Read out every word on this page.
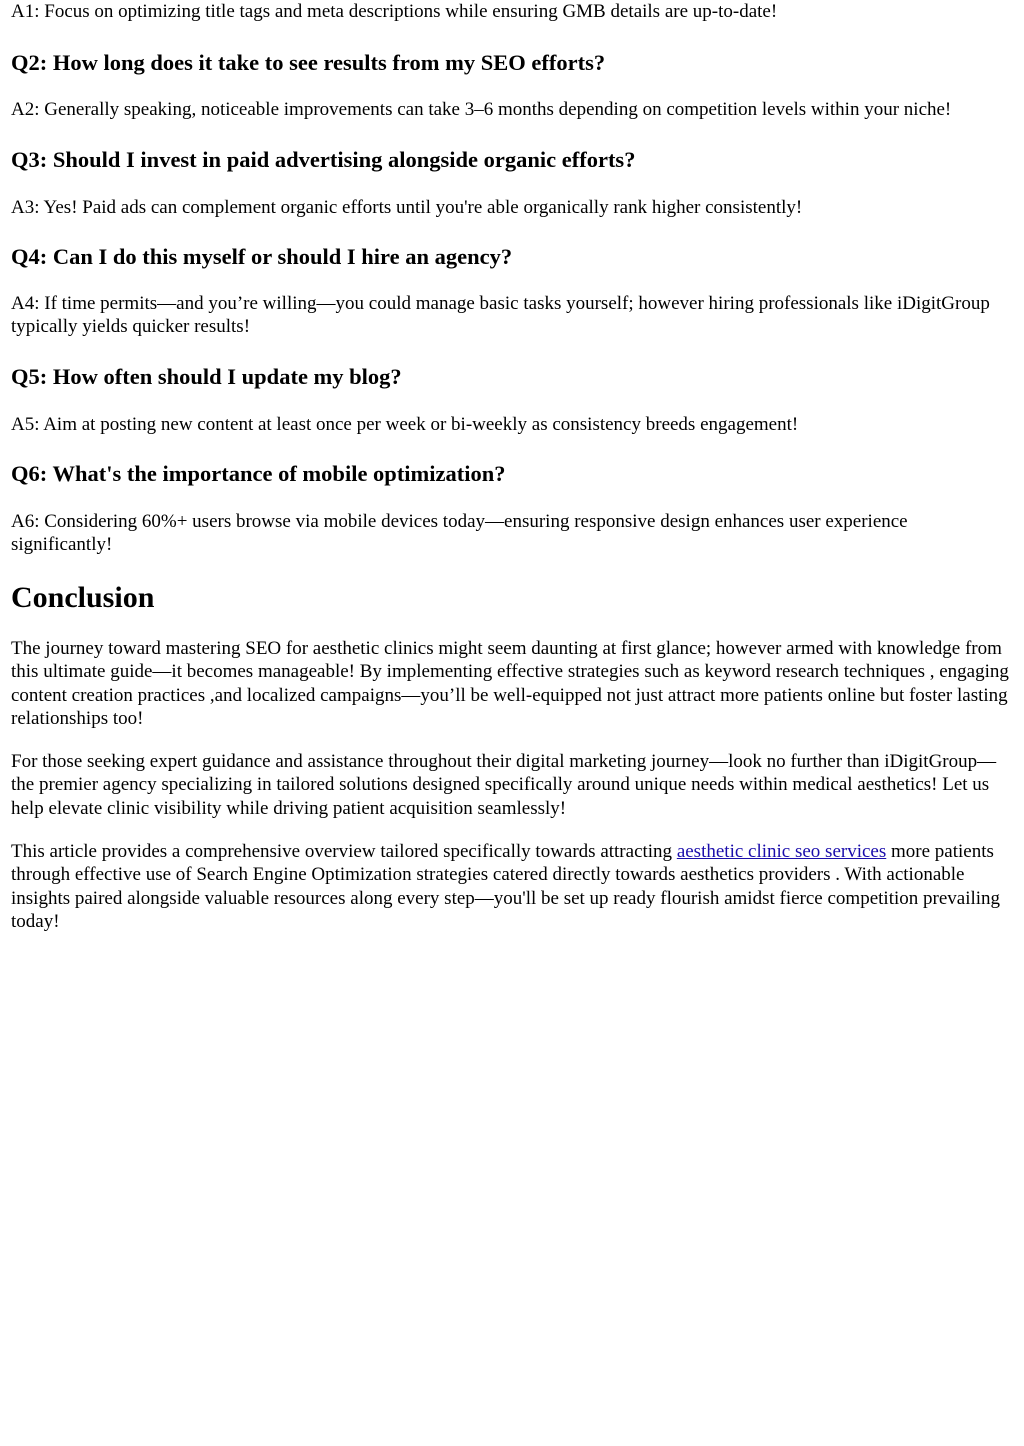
A1: Focus on optimizing title tags and meta descriptions while ensuring GMB details are up-to-date!

Q2: How long does it take to see results from my SEO efforts?

A2: Generally speaking, noticeable improvements can take 3–6 months depending on competition levels within your niche!

Q3: Should I invest in paid advertising alongside organic efforts?

A3: Yes! Paid ads can complement organic efforts until you're able organically rank higher consistently!

Q4: Can I do this myself or should I hire an agency?

A4: If time permits—and you’re willing—you could manage basic tasks yourself; however hiring professionals like iDigitGroup typically yields quicker results!

Q5: How often should I update my blog?

A5: Aim at posting new content at least once per week or bi-weekly as consistency breeds engagement!

Q6: What's the importance of mobile optimization?

A6: Considering 60%+ users browse via mobile devices today—ensuring responsive design enhances user experience significantly!

Conclusion

The journey toward mastering SEO for aesthetic clinics might seem daunting at first glance; however armed with knowledge from this ultimate guide—it becomes manageable! By implementing effective strategies such as keyword research techniques , engaging content creation practices ,and localized campaigns—you’ll be well-equipped not just attract more patients online but foster lasting relationships too!

For those seeking expert guidance and assistance throughout their digital marketing journey—look no further than iDigitGroup—the premier agency specializing in tailored solutions designed specifically around unique needs within medical aesthetics! Let us help elevate clinic visibility while driving patient acquisition seamlessly!

This article provides a comprehensive overview tailored specifically towards attracting aesthetic clinic seo services more patients through effective use of Search Engine Optimization strategies catered directly towards aesthetics providers . With actionable insights paired alongside valuable resources along every step—you'll be set up ready flourish amidst fierce competition prevailing today!
